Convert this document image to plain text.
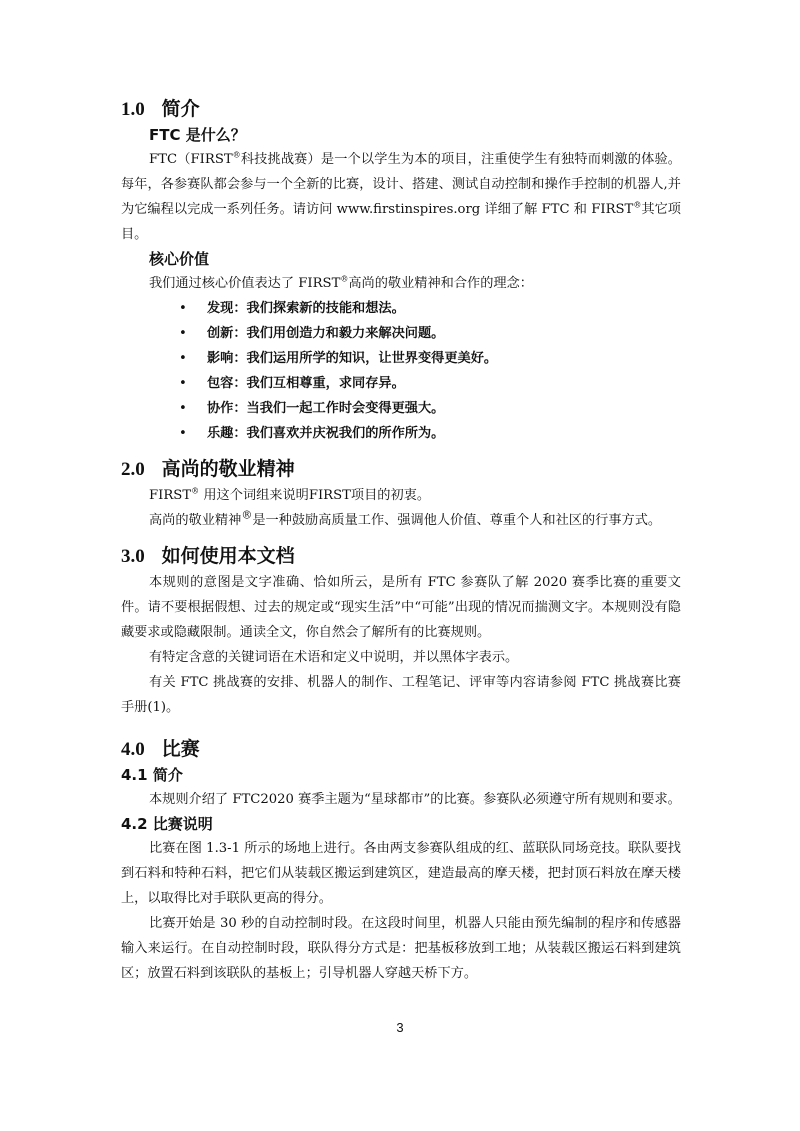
1.0 简介
FTC 是什么？

FTC（FIRST®科技挑战赛）是一个以学生为本的项目，注重使学生有独特而刺激的体验。每年，各参赛队都会参与一个全新的比赛，设计、搭建、测试自动控制和操作手控制的机器人,并为它编程以完成一系列任务。请访问 www.firstinspires.org 详细了解 FTC 和 FIRST®其它项目。

核心价值

我们通过核心价值表达了 FIRST®高尚的敬业精神和合作的理念：

• 发现：我们探索新的技能和想法。
• 创新：我们用创造力和毅力来解决问题。
• 影响：我们运用所学的知识，让世界变得更美好。
• 包容：我们互相尊重，求同存异。
• 协作：当我们一起工作时会变得更强大。
• 乐趣：我们喜欢并庆祝我们的所作所为。
2.0 高尚的敬业精神

FIRST® 用这个词组来说明FIRST项目的初衷。

高尚的敬业精神®是一种鼓励高质量工作、强调他人价值、尊重个人和社区的行事方式。

3.0 如何使用本文档

本规则的意图是文字准确、恰如所云，是所有 FTC 参赛队了解 2020 赛季比赛的重要文件。请不要根据假想、过去的规定或“现实生活”中“可能”出现的情况而揣测文字。本规则没有隐藏要求或隐藏限制。通读全文，你自然会了解所有的比赛规则。

有特定含意的关键词语在术语和定义中说明，并以黑体字表示。

有关 FTC 挑战赛的安排、机器人的制作、工程笔记、评审等内容请参阅 FTC 挑战赛比赛手册(1)。

4.0 比赛
4.1 简介

本规则介绍了 FTC2020 赛季主题为“星球都市”的比赛。参赛队必须遵守所有规则和要求。

4.2 比赛说明

比赛在图 1.3-1 所示的场地上进行。各由两支参赛队组成的红、蓝联队同场竞技。联队要找到石料和特种石料，把它们从装载区搬运到建筑区，建造最高的摩天楼，把封顶石料放在摩天楼上，以取得比对手联队更高的得分。

比赛开始是 30 秒的自动控制时段。在这段时间里，机器人只能由预先编制的程序和传感器输入来运行。在自动控制时段，联队得分方式是：把基板移放到工地；从装载区搬运石料到建筑区；放置石料到该联队的基板上；引导机器人穿越天桥下方。

3
